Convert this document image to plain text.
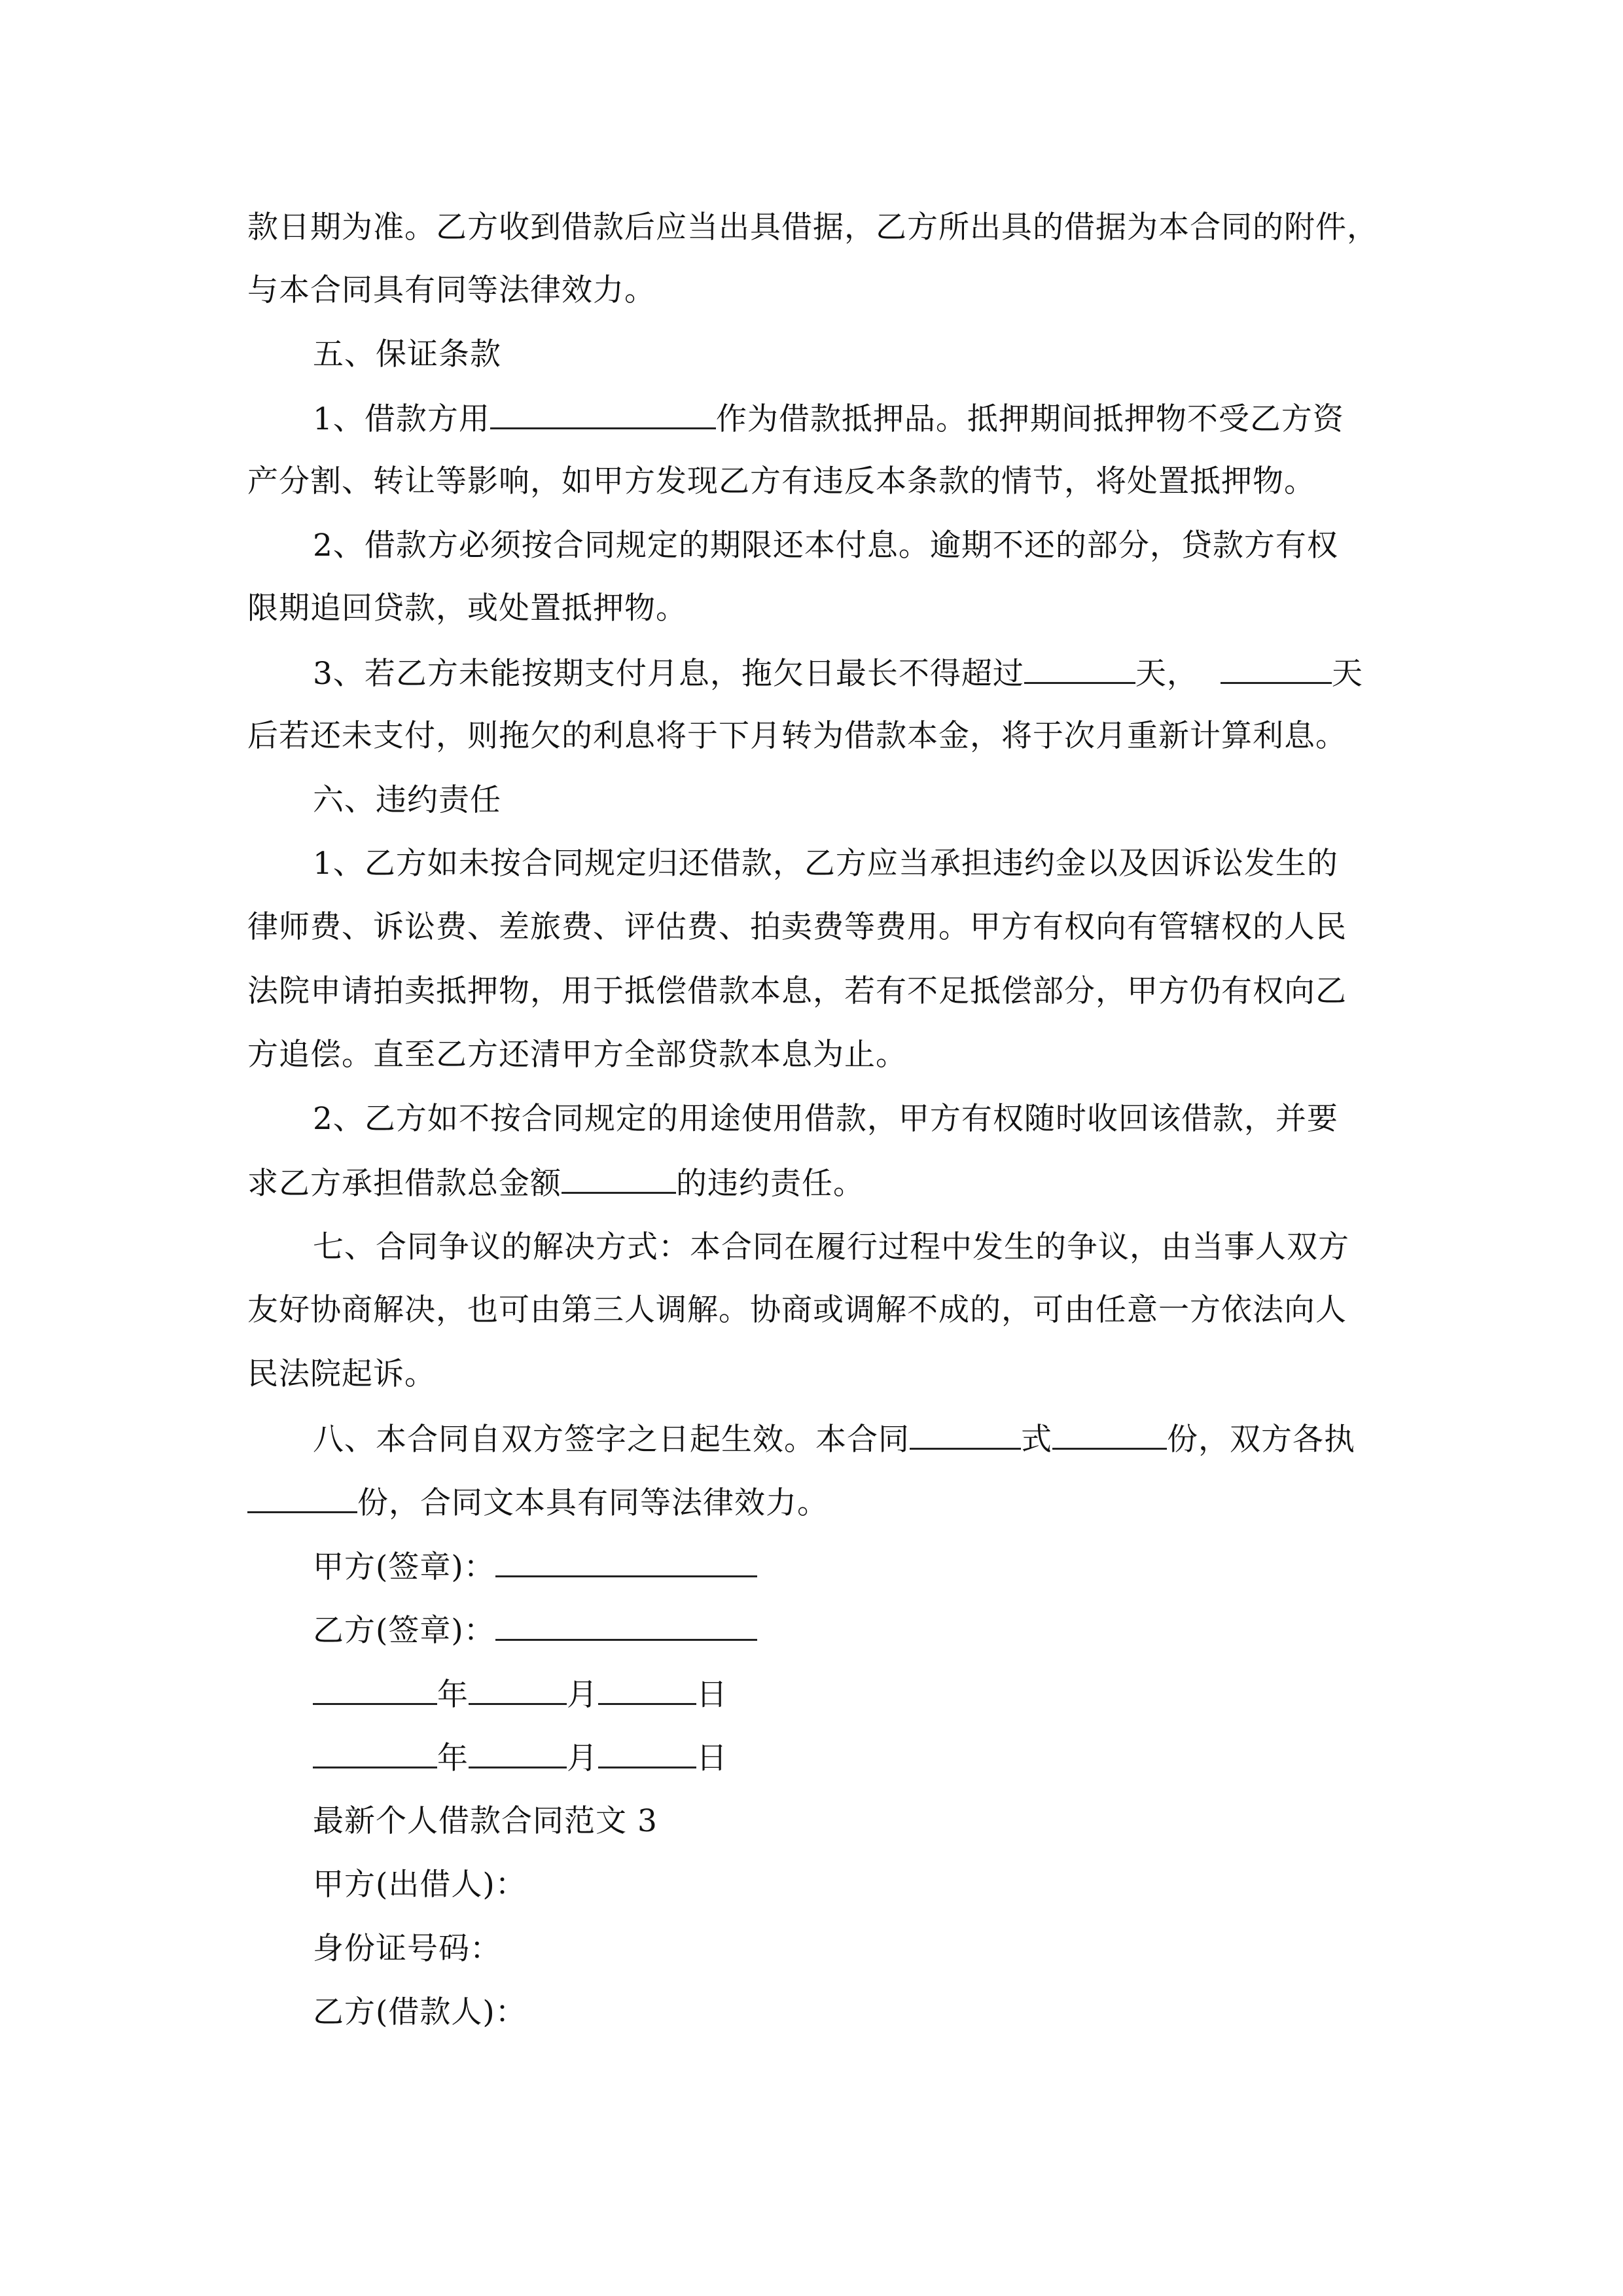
款日期为准。乙方收到借款后应当出具借据，乙方所出具的借据为本合同的附件，
与本合同具有同等法律效力。
五、保证条款
1、借款方用	作为借款抵押品。抵押期间抵押物不受乙方资
产分割、转让等影响，如甲方发现乙方有违反本条款的情节，将处置抵押物。
2、借款方必须按合同规定的期限还本付息。逾期不还的部分，贷款方有权
限期追回贷款，或处置抵押物。
3、若乙方未能按期支付月息，拖欠日最长不得超过	天，	天
后若还未支付，则拖欠的利息将于下月转为借款本金，将于次月重新计算利息。
六、违约责任
1、乙方如未按合同规定归还借款，乙方应当承担违约金以及因诉讼发生的
律师费、诉讼费、差旅费、评估费、拍卖费等费用。甲方有权向有管辖权的人民
法院申请拍卖抵押物，用于抵偿借款本息，若有不足抵偿部分，甲方仍有权向乙
方追偿。直至乙方还清甲方全部贷款本息为止。
2、乙方如不按合同规定的用途使用借款，甲方有权随时收回该借款，并要
求乙方承担借款总金额	的违约责任。
七、合同争议的解决方式：本合同在履行过程中发生的争议，由当事人双方
友好协商解决，也可由第三人调解。协商或调解不成的，可由任意一方依法向人
民法院起诉。
八、本合同自双方签字之日起生效。本合同	式	份，双方各执
份，合同文本具有同等法律效力。
甲方(签章)：
乙方(签章)：
年	月	日
年	月	日
最新个人借款合同范文 3
甲方(出借人)：
身份证号码：
乙方(借款人)：
